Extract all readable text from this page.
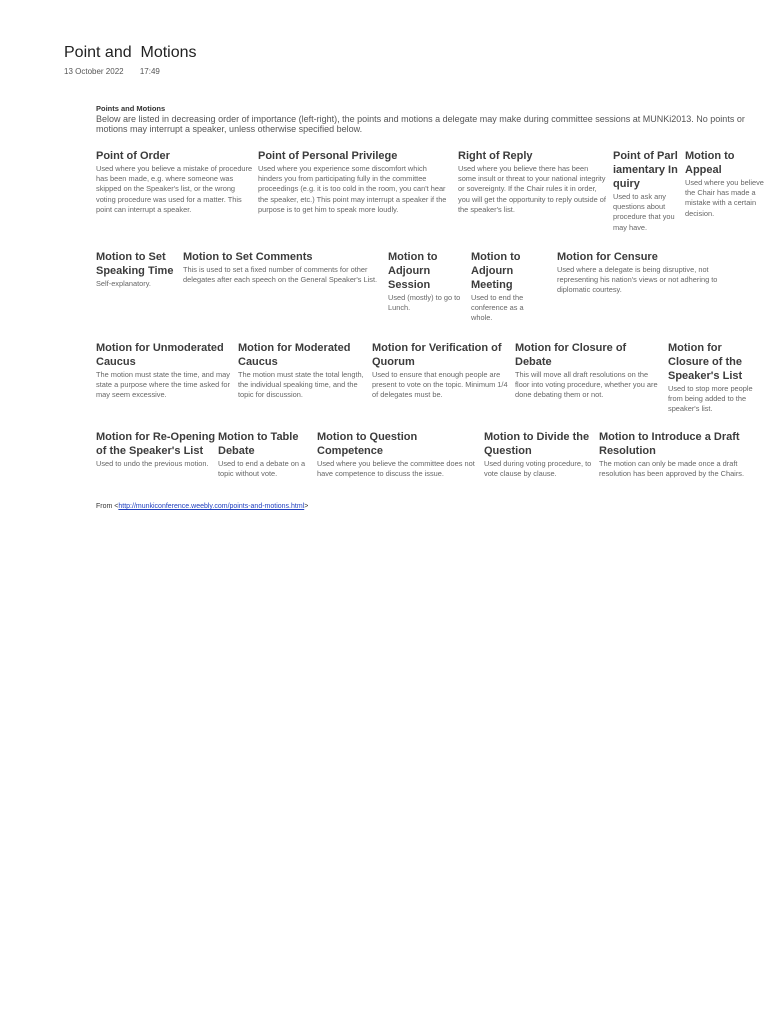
Point and  Motions
13 October 2022 17:49
Points and Motions
Below are listed in decreasing order of importance (left-right), the points and motions a delegate may make during committee sessions at MUNKi2013. No points or motions may interrupt a speaker, unless otherwise specified below.
Point of Order

Used where you believe a mistake of procedure has been made, e.g. where someone was skipped on the Speaker's list, or the wrong voting procedure was used for a matter. This point can interrupt a speaker.

Point of Personal Privilege

Used where you experience some discomfort which hinders you from participating fully in the committee proceedings (e.g. it is too cold in the room, you can't hear the speaker, etc.) This point may interrupt a speaker if the purpose is to get him to speak more loudly.

Right of Reply

Used where you believe there has been some insult or threat to your national integrity or sovereignty. If the Chair rules it in order, you will get the opportunity to reply outside of the speaker's list.

Point of Parliamentary Inquiry

Used to ask any questions about procedure that you may have.

Motion to Appeal

Used where you believe the Chair has made a mistake with a certain decision.

Motion to Set Speaking Time

Self-explanatory.

Motion to Set Comments

This is used to set a fixed number of comments for other delegates after each speech on the General Speaker's List.

Motion to Adjourn Session

Used (mostly) to go to Lunch.

Motion to Adjourn Meeting

Used to end the conference as a whole.

Motion for Censure

Used where a delegate is being disruptive, not representing his nation's views or not adhering to diplomatic courtesy.

Motion for Unmoderated Caucus

The motion must state the time, and may state a purpose where the time asked for may seem excessive.

Motion for Moderated Caucus

The motion must state the total length, the individual speaking time, and the topic for discussion.

Motion for Verification of Quorum

Used to ensure that enough people are present to vote on the topic. Minimum 1/4 of delegates must be.

Motion for Closure of Debate

This will move all draft resolutions on the floor into voting procedure, whether you are done debating them or not.

Motion for Closure of the Speaker's List

Used to stop more people from being added to the speaker's list.

Motion for Re-Opening of the Speaker's List

Used to undo the previous motion.

Motion to Table Debate

Used to end a debate on a topic without vote.

Motion to Question Competence

Used where you believe the committee does not have competence to discuss the issue.

Motion to Divide the Question

Used during voting procedure, to vote clause by clause.

Motion to Introduce a Draft Resolution

The motion can only be made once a draft resolution has been approved by the Chairs.

From <http://munkiconference.weebly.com/points-and-motions.html>
